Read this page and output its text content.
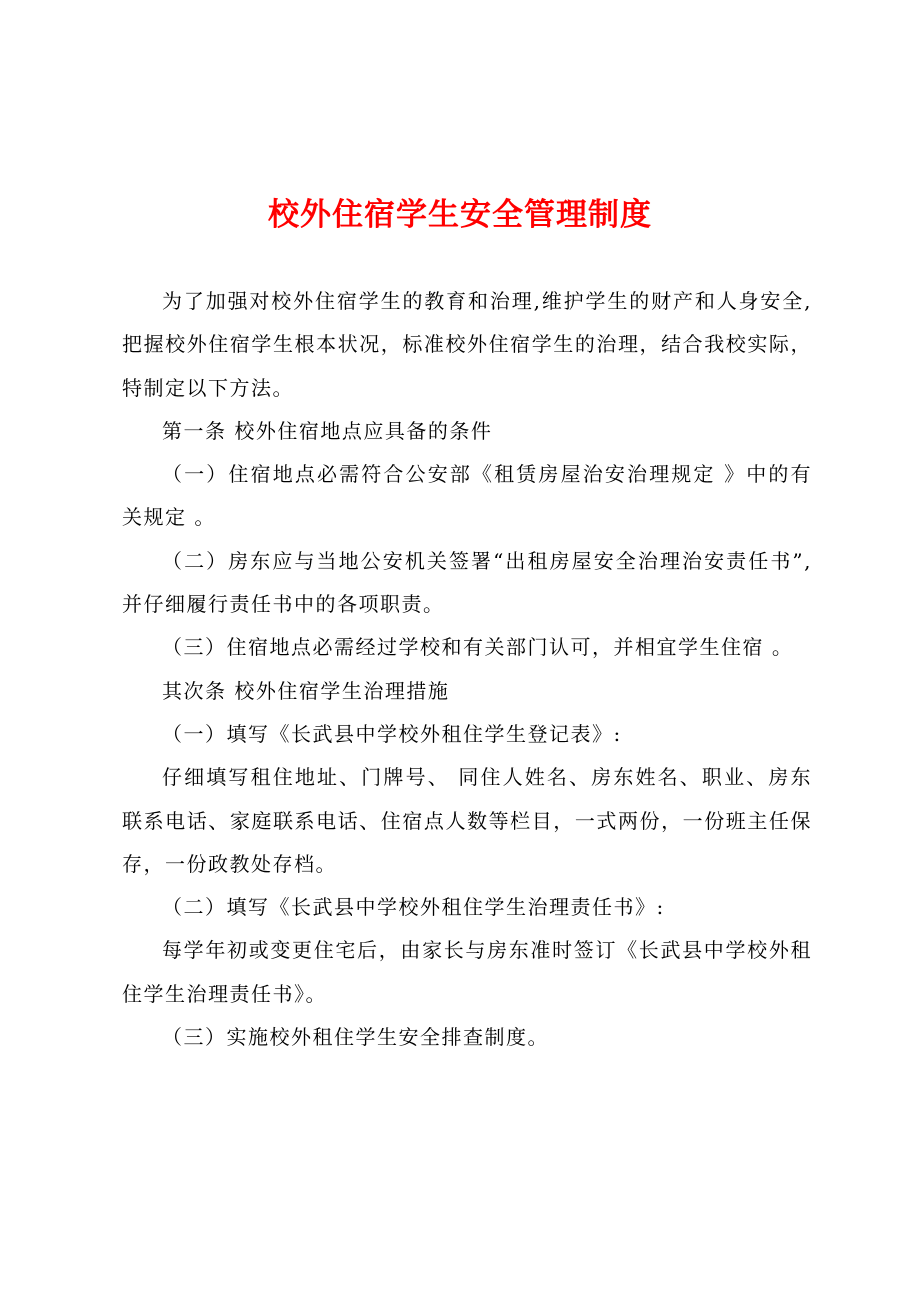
校外住宿学生安全管理制度

为了加强对校外住宿学生的教育和治理,维护学生的财产和人身安全,把握校外住宿学生根本状况，标准校外住宿学生的治理，结合我校实际，特制定以下方法。

第一条 校外住宿地点应具备的条件

（一）住宿地点必需符合公安部《租赁房屋治安治理规定 》中的有关规定 。

（二）房东应与当地公安机关签署“出租房屋安全治理治安责任书”,并仔细履行责任书中的各项职责。

（三）住宿地点必需经过学校和有关部门认可，并相宜学生住宿 。

其次条 校外住宿学生治理措施

（一）填写《长武县中学校外租住学生登记表》:

仔细填写租住地址、门牌号、 同住人姓名、房东姓名、职业、房东联系电话、家庭联系电话、住宿点人数等栏目，一式两份，一份班主任保存，一份政教处存档。

（二）填写《长武县中学校外租住学生治理责任书》:

每学年初或变更住宅后，由家长与房东准时签订《长武县中学校外租住学生治理责任书》。

（三）实施校外租住学生安全排查制度。
